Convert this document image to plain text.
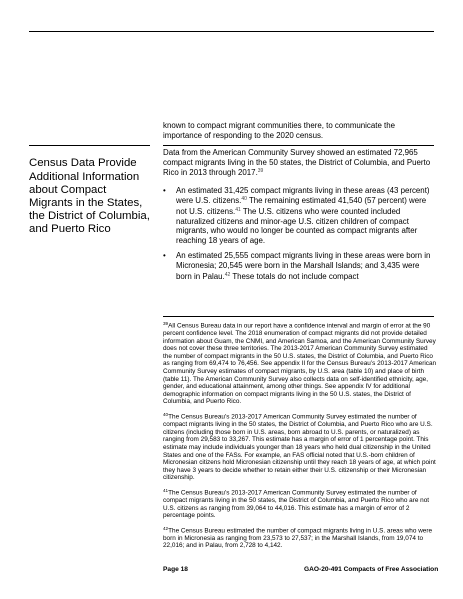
known to compact migrant communities there, to communicate the importance of responding to the 2020 census.
Census Data Provide Additional Information about Compact Migrants in the States, the District of Columbia, and Puerto Rico

Data from the American Community Survey showed an estimated 72,965 compact migrants living in the 50 states, the District of Columbia, and Puerto Rico in 2013 through 2017.39

• An estimated 31,425 compact migrants living in these areas (43 percent) were U.S. citizens.$^{40}$ The remaining estimated 41,540 (57 percent) were not U.S. citizens.$^{41}$ The U.S. citizens who were counted included naturalized citizens and minor-age U.S. citizen children of compact migrants, who would no longer be counted as compact migrants after reaching 18 years of age.
• An estimated 25,555 compact migrants living in these areas were born in Micronesia; 20,545 were born in the Marshall Islands; and 3,435 were born in Palau.$^{42}$ These totals do not include compact

$^{39}$All Census Bureau data in our report have a confidence interval and margin of error at the 90 percent confidence level. The 2018 enumeration of compact migrants did not provide detailed information about Guam, the CNMI, and American Samoa, and the American Community Survey does not cover these three territories. The 2013-2017 American Community Survey estimated the number of compact migrants in the 50 U.S. states, the District of Columbia, and Puerto Rico as ranging from 69,474 to 76,456. See appendix II for the Census Bureau’s 2013-2017 American Community Survey estimates of compact migrants, by U.S. area (table 10) and place of birth (table 11). The American Community Survey also collects data on self-identified ethnicity, age, gender, and educational attainment, among other things. See appendix IV for additional demographic information on compact migrants living in the 50 U.S. states, the District of Columbia, and Puerto Rico.

$^{40}$The Census Bureau’s 2013-2017 American Community Survey estimated the number of compact migrants living in the 50 states, the District of Columbia, and Puerto Rico who are U.S. citizens (including those born in U.S. areas, born abroad to U.S. parents, or naturalized) as ranging from 29,583 to 33,267. This estimate has a margin of error of 1 percentage point. This estimate may include individuals younger than 18 years who held dual citizenship in the United States and one of the FASs. For example, an FAS official noted that U.S.-born children of Micronesian citizens hold Micronesian citizenship until they reach 18 years of age, at which point they have 3 years to decide whether to retain either their U.S. citizenship or their Micronesian citizenship.

$^{41}$The Census Bureau’s 2013-2017 American Community Survey estimated the number of compact migrants living in the 50 states, the District of Columbia, and Puerto Rico who are not U.S. citizens as ranging from 39,064 to 44,016. This estimate has a margin of error of 2 percentage points.

$^{42}$The Census Bureau estimated the number of compact migrants living in U.S. areas who were born in Micronesia as ranging from 23,573 to 27,537; in the Marshall Islands, from 19,074 to 22,016; and in Palau, from 2,728 to 4,142.

Page 18	GAO-20-491 Compacts of Free Association
